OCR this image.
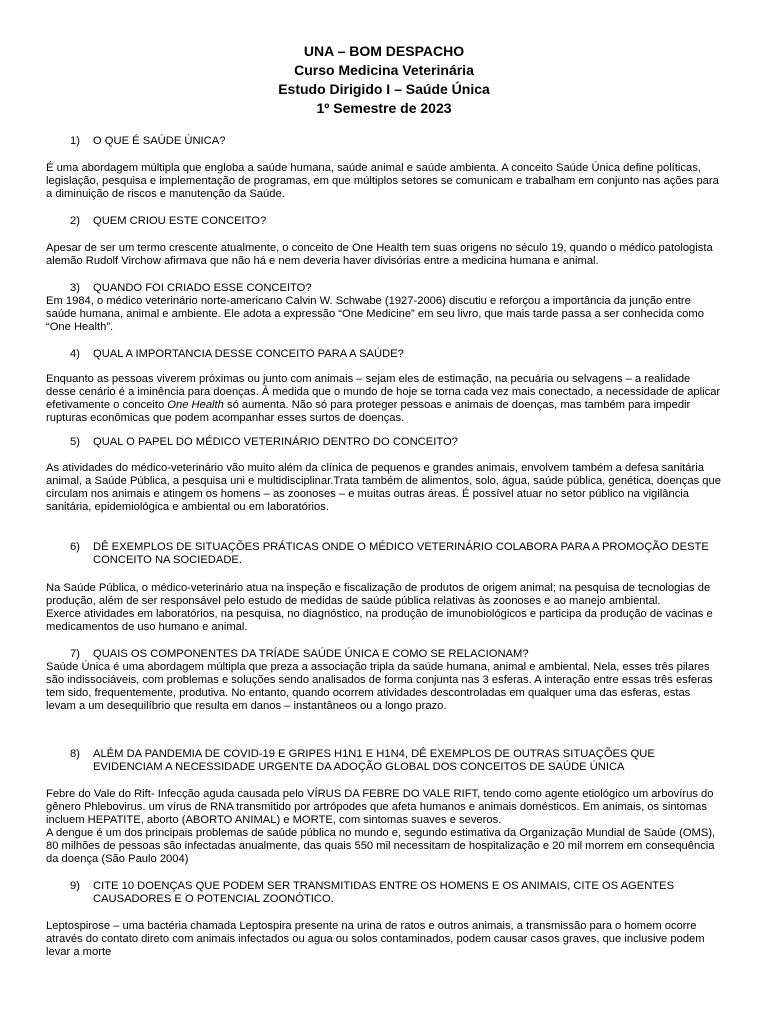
UNA – BOM DESPACHO
Curso Medicina Veterinária
Estudo Dirigido I – Saúde Única
1º Semestre de 2023
1) O QUE É SAÚDE ÚNICA?

É uma abordagem múltipla que engloba a saúde humana, saúde animal e saúde ambienta. A conceito Saúde Única define políticas, legislação, pesquisa e implementação de programas, em que múltiplos setores se comunicam e trabalham em conjunto nas ações para a diminuição de riscos e manutenção da Saúde.

2) QUEM CRIOU ESTE CONCEITO?

Apesar de ser um termo crescente atualmente, o conceito de One Health tem suas origens no século 19, quando o médico patologista alemão Rudolf Virchow afirmava que não há e nem deveria haver divisórias entre a medicina humana e animal.

3) QUANDO FOI CRIADO ESSE CONCEITO?

Em 1984, o médico veterinário norte-americano Calvin W. Schwabe (1927-2006) discutiu e reforçou a importância da junção entre saúde humana, animal e ambiente. Ele adota a expressão “One Medicine” em seu livro, que mais tarde passa a ser conhecida como “One Health”.

4) QUAL A IMPORTANCIA DESSE CONCEITO PARA A SAÚDE?

Enquanto as pessoas viverem próximas ou junto com animais – sejam eles de estimação, na pecuária ou selvagens – a realidade desse cenário é a iminência para doenças. À medida que o mundo de hoje se torna cada vez mais conectado, a necessidade de aplicar efetivamente o conceito One Health só aumenta. Não só para proteger pessoas e animais de doenças, mas também para impedir rupturas econômicas que podem acompanhar esses surtos de doenças.

5) QUAL O PAPEL DO MÉDICO VETERINÁRIO DENTRO DO CONCEITO?

As atividades do médico-veterinário vão muito além da clínica de pequenos e grandes animais, envolvem também a defesa sanitária animal, a Saúde Pública, a pesquisa uni e multidisciplinar.Trata também de alimentos, solo, água, saúde pública, genética, doenças que circulam nos animais e atingem os homens – as zoonoses – e muitas outras áreas. É possível atuar no setor público na vigilância sanitária, epidemiológica e ambiental ou em laboratórios.

6) DÊ EXEMPLOS DE SITUAÇÕES PRÁTICAS ONDE O MÉDICO VETERINÁRIO COLABORA PARA A PROMOÇÃO DESTE CONCEITO NA SOCIEDADE.

Na Saúde Pública, o médico-veterinário atua na inspeção e fiscalização de produtos de origem animal; na pesquisa de tecnologias de produção, além de ser responsável pelo estudo de medidas de saúde pública relativas às zoonoses e ao manejo ambiental.

Exerce atividades em laboratórios, na pesquisa, no diagnóstico, na produção de imunobiológicos e participa da produção de vacinas e medicamentos de uso humano e animal.

7) QUAIS OS COMPONENTES DA TRÍADE SAÚDE ÚNICA E COMO SE RELACIONAM?

Saúde Única é uma abordagem múltipla que preza a associação tripla da saúde humana, animal e ambiental. Nela, esses três pilares são indissociáveis, com problemas e soluções sendo analisados de forma conjunta nas 3 esferas. A interação entre essas três esferas tem sido, frequentemente, produtiva. No entanto, quando ocorrem atividades descontroladas em qualquer uma das esferas, estas levam a um desequilíbrio que resulta em danos – instantâneos ou a longo prazo.

8) ALÉM DA PANDEMIA DE COVID-19 E GRIPES H1N1 E H1N4, DÊ EXEMPLOS DE OUTRAS SITUAÇÕES QUE EVIDENCIAM A NECESSIDADE URGENTE DA ADOÇÃO GLOBAL DOS CONCEITOS DE SAÚDE ÚNICA

Febre do Vale do Rift- Infecção aguda causada pelo VÍRUS DA FEBRE DO VALE RIFT, tendo como agente etiológico um arbovírus do gênero Phlebovirus. um vírus de RNA transmitido por artrópodes que afeta humanos e animais domésticos. Em animais, os sintomas incluem HEPATITE, aborto (ABORTO ANIMAL) e MORTE, com sintomas suaves e severos.

A dengue é um dos principais problemas de saúde pública no mundo e, segundo estimativa da Organização Mundial de Saúde (OMS), 80 milhões de pessoas são infectadas anualmente, das quais 550 mil necessitam de hospitalização e 20 mil morrem em consequência da doença (São Paulo 2004)

9) CITE 10 DOENÇAS QUE PODEM SER TRANSMITIDAS ENTRE OS HOMENS E OS ANIMAIS, CITE OS AGENTES CAUSADORES E O POTENCIAL ZOONÓTICO.

Leptospirose – uma bactéria chamada Leptospira presente na urina de ratos e outros animais, a transmissão para o homem ocorre através do contato direto com animais infectados ou agua ou solos contaminados, podem causar casos graves, que inclusive podem levar a morte
